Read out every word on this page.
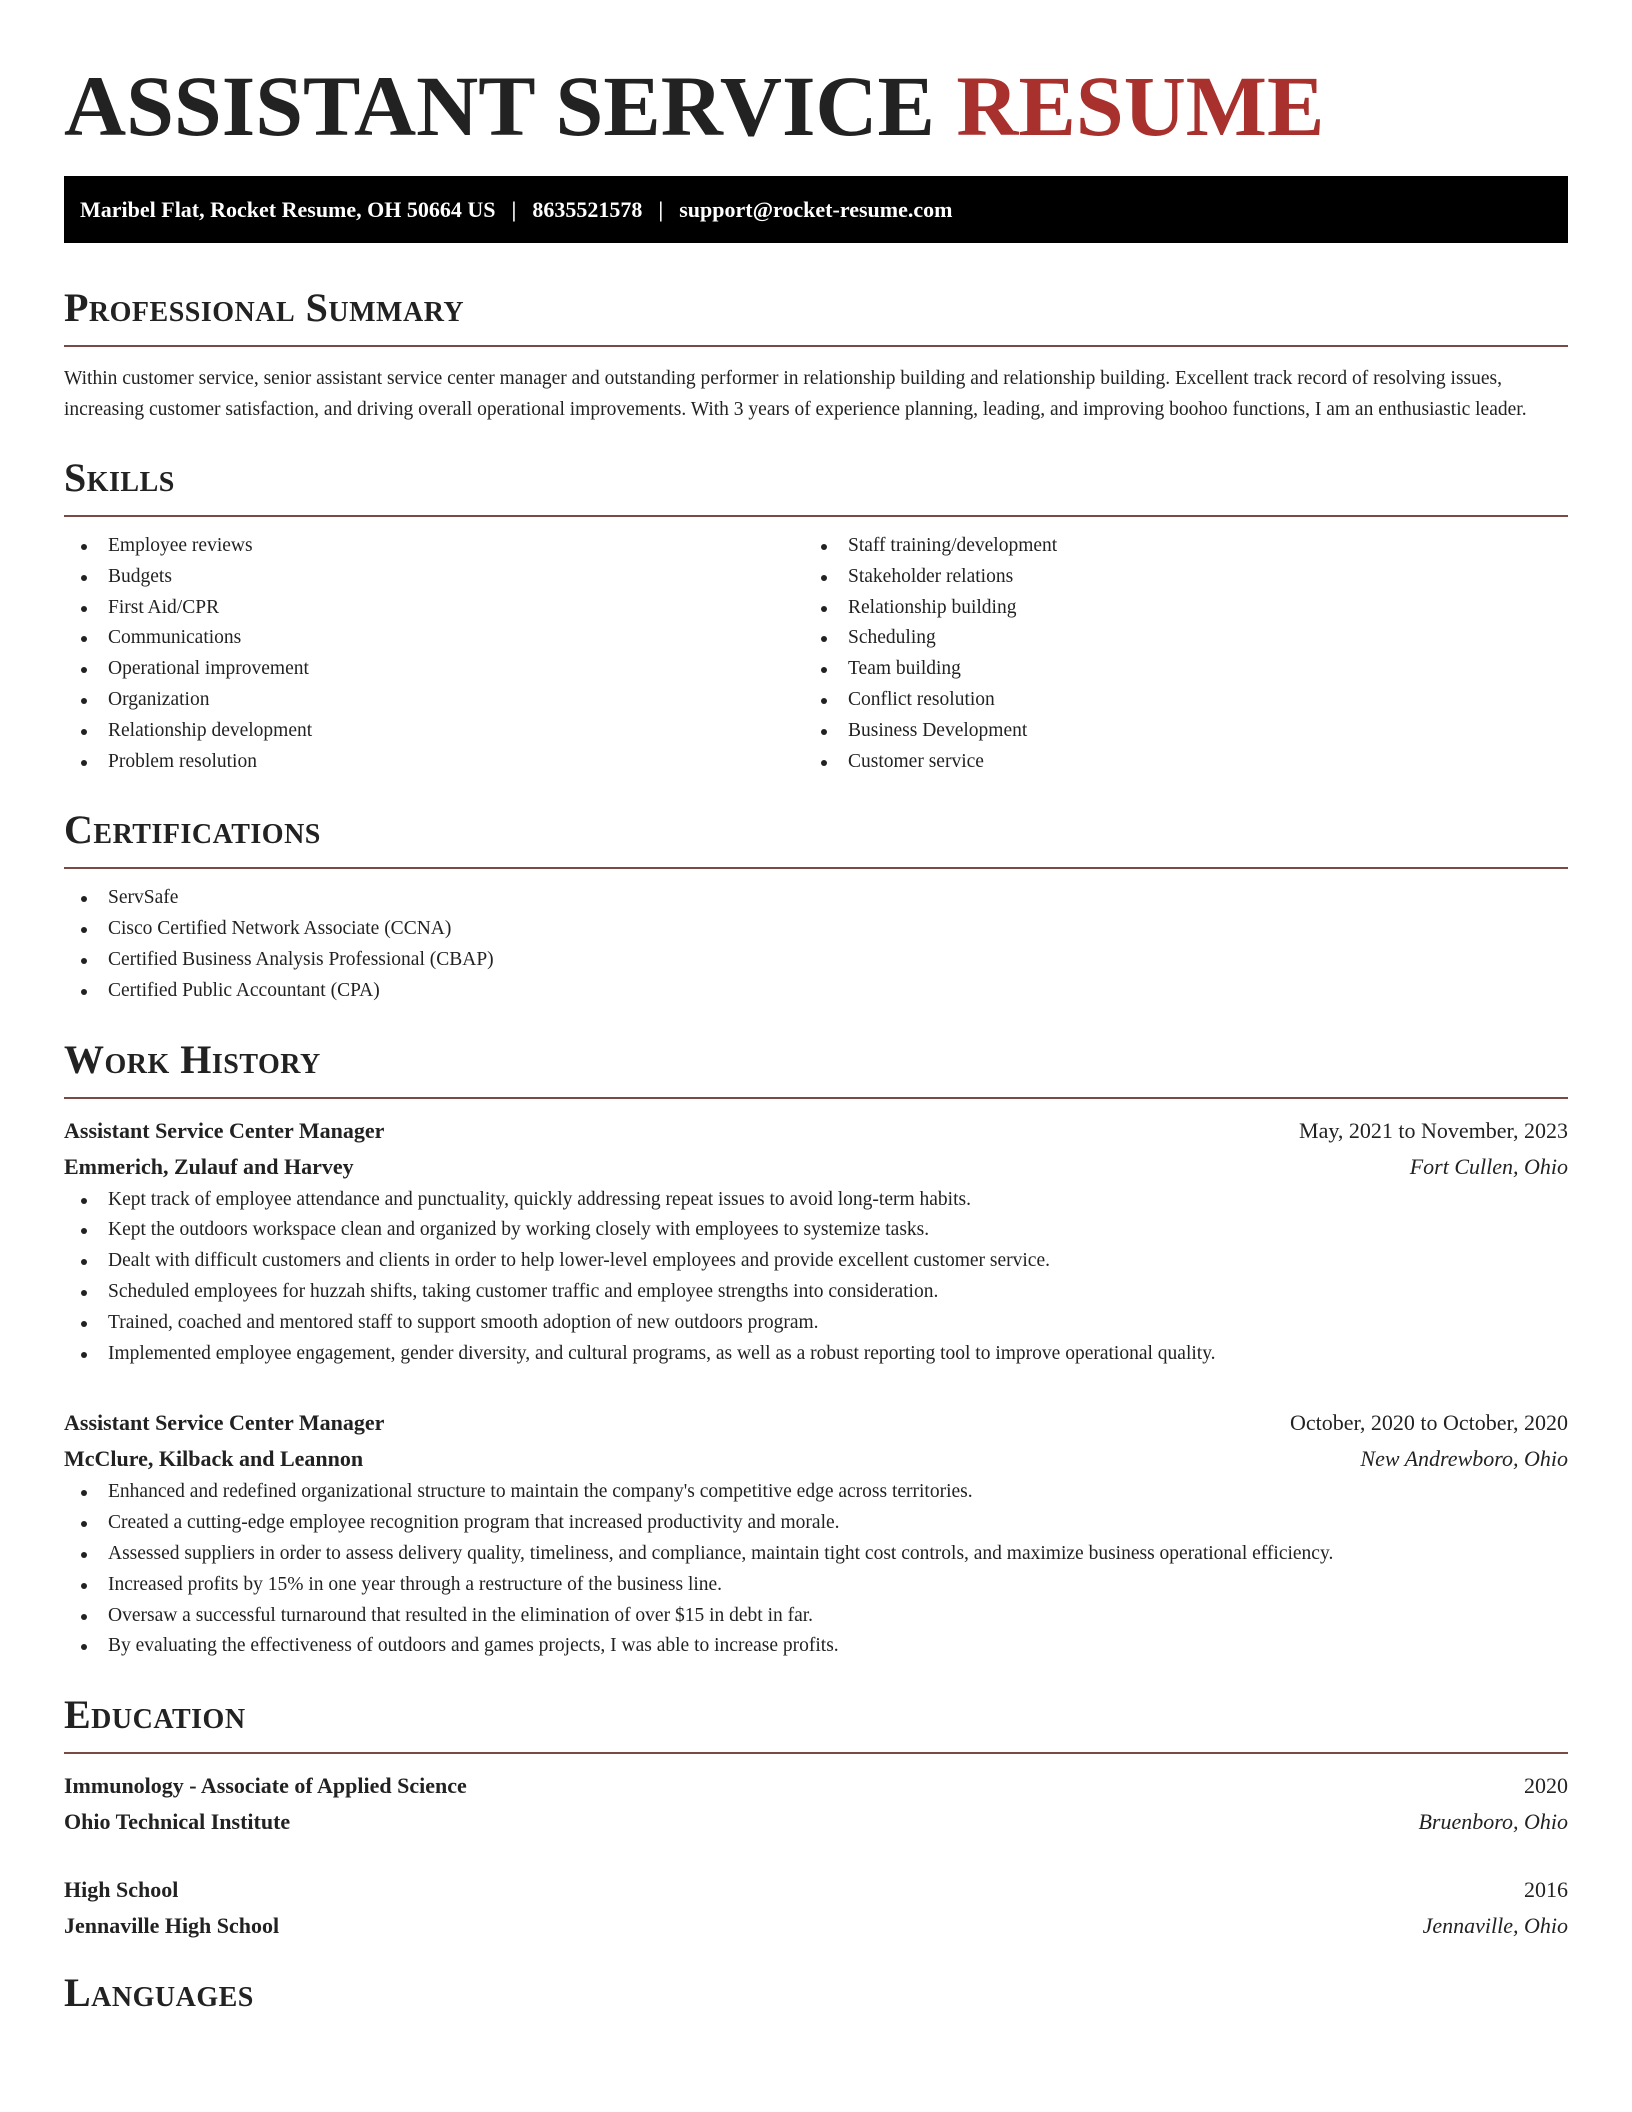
ASSISTANT SERVICE RESUME
Maribel Flat, Rocket Resume, OH 50664 US | 8635521578 | support@rocket-resume.com
Professional Summary

Within customer service, senior assistant service center manager and outstanding performer in relationship building and relationship building. Excellent track record of resolving issues, increasing customer satisfaction, and driving overall operational improvements. With 3 years of experience planning, leading, and improving boohoo functions, I am an enthusiastic leader.

Skills
Employee reviews
Budgets
First Aid/CPR
Communications
Operational improvement
Organization
Relationship development
Problem resolution
Staff training/development
Stakeholder relations
Relationship building
Scheduling
Team building
Conflict resolution
Business Development
Customer service
Certifications
ServSafe
Cisco Certified Network Associate (CCNA)
Certified Business Analysis Professional (CBAP)
Certified Public Accountant (CPA)
Work History
Assistant Service Center Manager	May, 2021 to November, 2023
Emmerich, Zulauf and Harvey	Fort Cullen, Ohio
Kept track of employee attendance and punctuality, quickly addressing repeat issues to avoid long-term habits.
Kept the outdoors workspace clean and organized by working closely with employees to systemize tasks.
Dealt with difficult customers and clients in order to help lower-level employees and provide excellent customer service.
Scheduled employees for huzzah shifts, taking customer traffic and employee strengths into consideration.
Trained, coached and mentored staff to support smooth adoption of new outdoors program.
Implemented employee engagement, gender diversity, and cultural programs, as well as a robust reporting tool to improve operational quality.
Assistant Service Center Manager	October, 2020 to October, 2020
McClure, Kilback and Leannon	New Andrewboro, Ohio
Enhanced and redefined organizational structure to maintain the company's competitive edge across territories.
Created a cutting-edge employee recognition program that increased productivity and morale.
Assessed suppliers in order to assess delivery quality, timeliness, and compliance, maintain tight cost controls, and maximize business operational efficiency.
Increased profits by 15% in one year through a restructure of the business line.
Oversaw a successful turnaround that resulted in the elimination of over $15 in debt in far.
By evaluating the effectiveness of outdoors and games projects, I was able to increase profits.
Education
Immunology - Associate of Applied Science	2020
Ohio Technical Institute	Bruenboro, Ohio
High School	2016
Jennaville High School	Jennaville, Ohio
Languages
